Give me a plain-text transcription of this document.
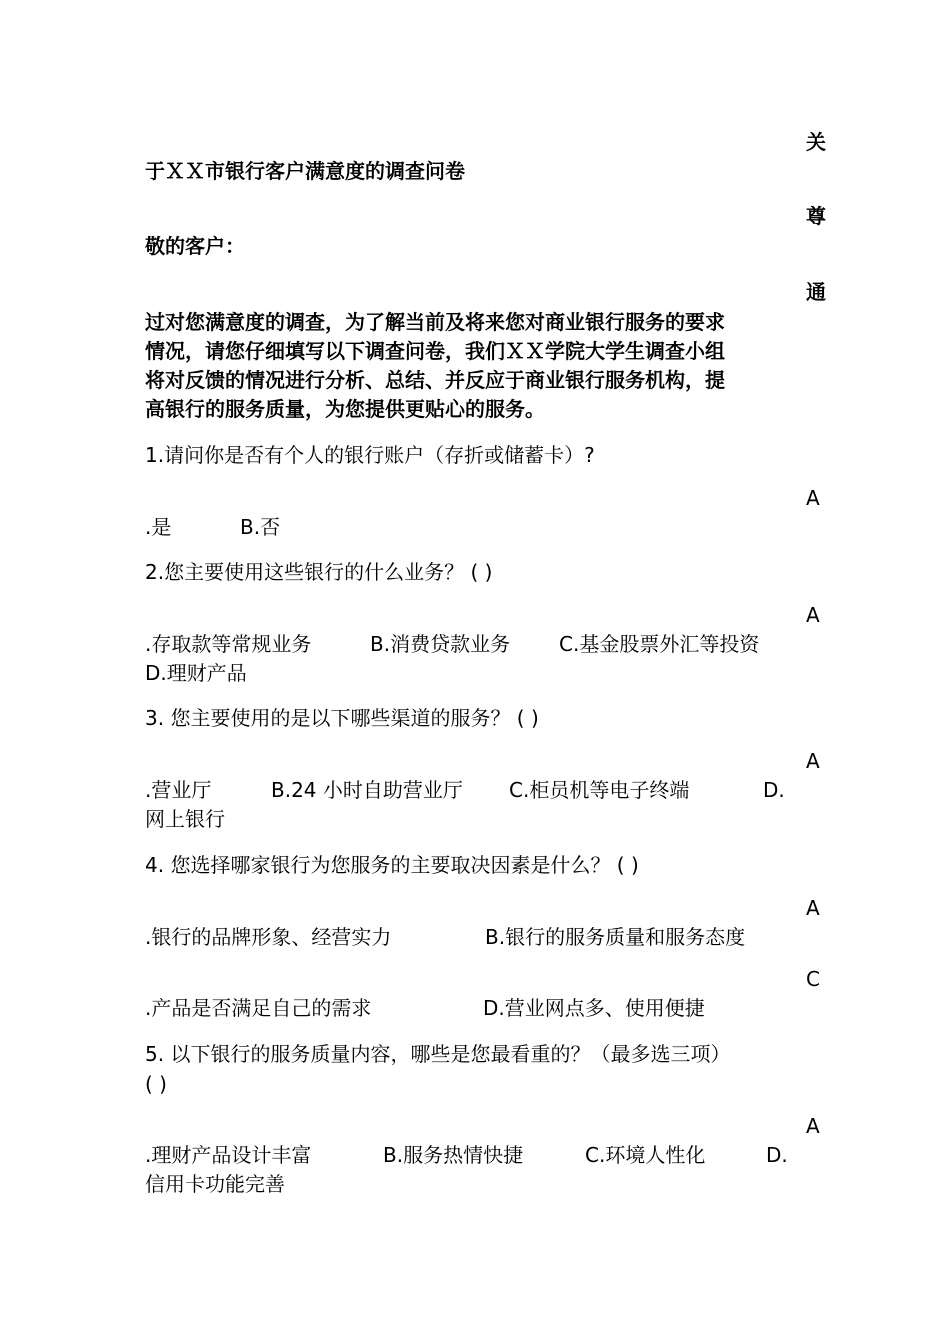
关
尊
通
A
A
A
A
C
A
于ＸＸ市银行客户满意度的调查问卷
敬的客户：
过对您满意度的调查，为了解当前及将来您对商业银行服务的要求
情况，请您仔细填写以下调查问卷，我们ＸＸ学院大学生调查小组
将对反馈的情况进行分析、总结、并反应于商业银行服务机构，提
高银行的服务质量，为您提供更贴心的服务。
1.请问你是否有个人的银行账户（存折或储蓄卡）?
.是	B.否
2.您主要使用这些银行的什么业务？ ( )
.存取款等常规业务	B.消费贷款业务 C.基金股票外汇等投资
D.理财产品
3. 您主要使用的是以下哪些渠道的服务？ ( )
.营业厅	B.24 小时自助营业厅 C.柜员机等电子终端	D.
网上银行
4. 您选择哪家银行为您服务的主要取决因素是什么？ ( )
.银行的品牌形象、经营实力	B.银行的服务质量和服务态度
.产品是否满足自己的需求	D.营业网点多、使用便捷
5. 以下银行的服务质量内容，哪些是您最看重的？（最多选三项）
( )
.理财产品设计丰富	B.服务热情快捷	C.环境人性化	D.
信用卡功能完善
